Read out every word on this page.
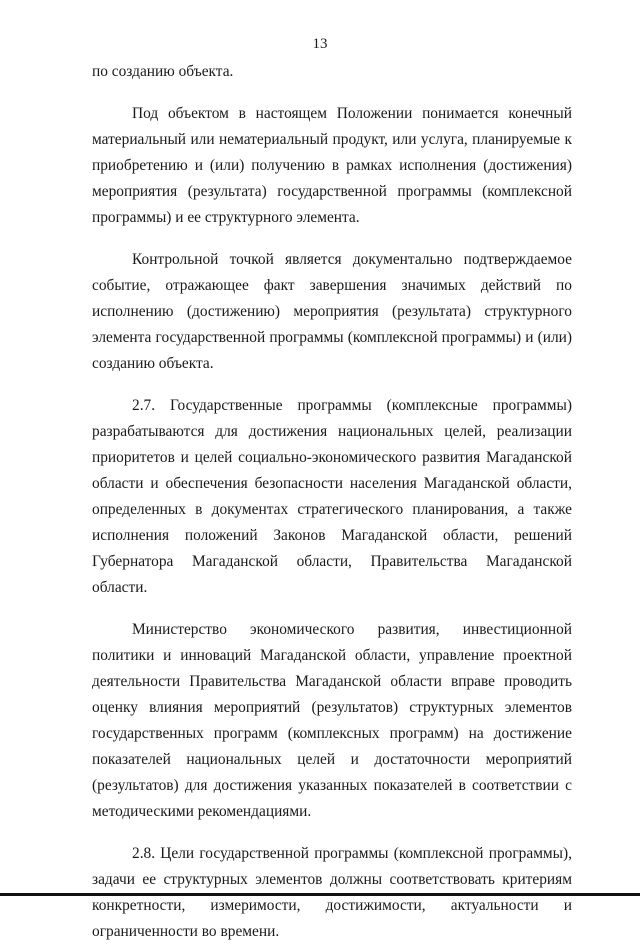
13

по созданию объекта.

Под объектом в настоящем Положении понимается конечный материальный или нематериальный продукт, или услуга, планируемые к приобретению и (или) получению в рамках исполнения (достижения) мероприятия (результата) государственной программы (комплексной программы) и ее структурного элемента.

Контрольной точкой является документально подтверждаемое событие, отражающее факт завершения значимых действий по исполнению (достижению) мероприятия (результата) структурного элемента государственной программы (комплексной программы) и (или) созданию объекта.

2.7. Государственные программы (комплексные программы) разрабатываются для достижения национальных целей, реализации приоритетов и целей социально-экономического развития Магаданской области и обеспечения безопасности населения Магаданской области, определенных в документах стратегического планирования, а также исполнения положений Законов Магаданской области, решений Губернатора Магаданской области, Правительства Магаданской области.

Министерство экономического развития, инвестиционной политики и инноваций Магаданской области, управление проектной деятельности Правительства Магаданской области вправе проводить оценку влияния мероприятий (результатов) структурных элементов государственных программ (комплексных программ) на достижение показателей национальных целей и достаточности мероприятий (результатов) для достижения указанных показателей в соответствии с методическими рекомендациями.

2.8. Цели государственной программы (комплексной программы), задачи ее структурных элементов должны соответствовать критериям конкретности, измеримости, достижимости, актуальности и ограниченности во времени.
